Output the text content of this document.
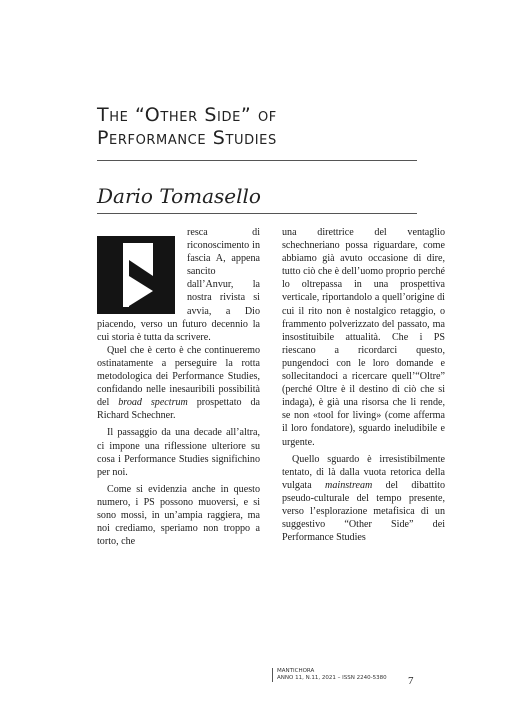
The “Other Side” of
Performance Studies
Dario Tomasello

resca di riconoscimento in fascia A, appena sancito dall’Anvur, la nostra rivista si avvia, a Dio piacendo, verso un futuro decennio la cui storia è tutta da scrivere.

Quel che è certo è che continueremo ostinatamente a perseguire la rotta metodologica dei Performance Studies, confidando nelle inesauribili possibilità del broad spectrum prospettato da Richard Schechner.

Il passaggio da una decade all’altra, ci impone una riflessione ulteriore su cosa i Performance Studies significhino per noi.

Come si evidenzia anche in questo numero, i PS possono muoversi, e si sono mossi, in un’ampia raggiera, ma noi crediamo, speriamo non troppo a torto, che

una direttrice del ventaglio schechneriano possa riguardare, come abbiamo già avuto occasione di dire, tutto ciò che è dell’uomo proprio perché lo oltrepassa in una prospettiva verticale, riportandolo a quell’origine di cui il rito non è nostalgico retaggio, o frammento polverizzato del passato, ma insostituibile attualità. Che i PS riescano a ricordarci questo, pungendoci con le loro domande e sollecitandoci a ricercare quell’“Oltre” (perché Oltre è il destino di ciò che si indaga), è già una risorsa che li rende, se non «tool for living» (come afferma il loro fondatore), sguardo ineludibile e urgente.

Quello sguardo è irresistibilmente tentato, di là dalla vuota retorica della vulgata mainstream del dibattito pseudo-culturale del tempo presente, verso l’esplorazione metafisica di un suggestivo “Other Side” dei Performance Studies

MANTICHORA
ANNO 11, N.11, 2021 – ISSN 2240-5380 7
